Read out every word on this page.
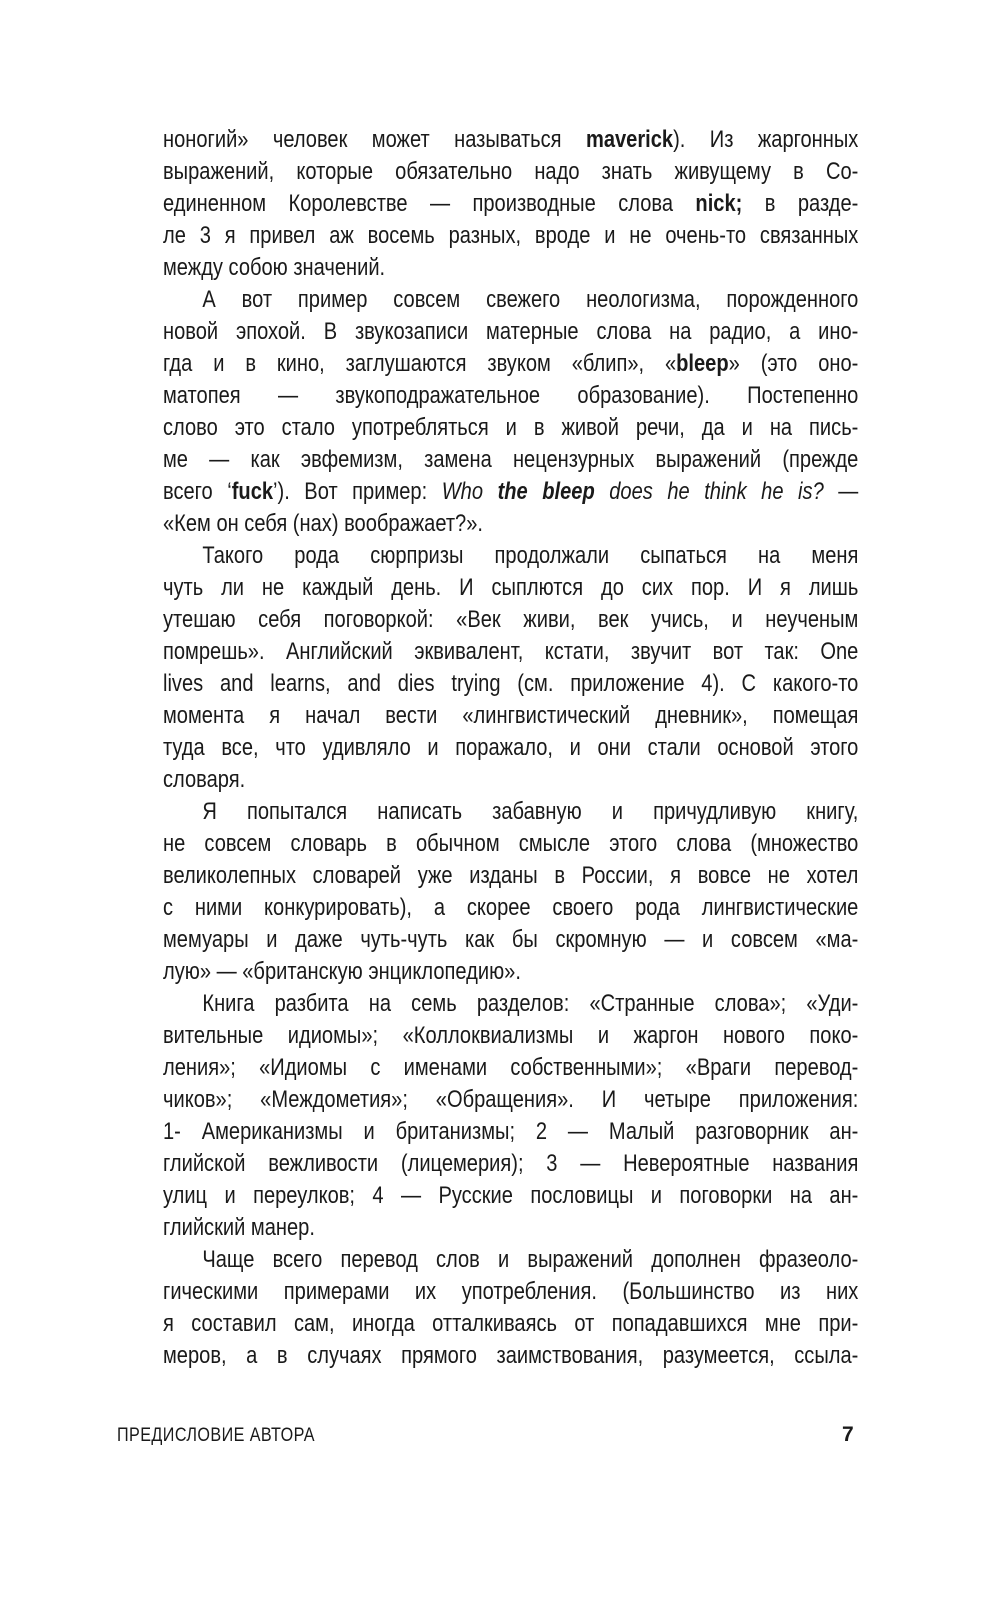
ноногий» человек может называться maverick). Из жаргонных
выражений, которые обязательно надо знать живущему в Со-
единенном Королевстве — производные слова nick; в разде-
ле 3 я привел аж восемь разных, вроде и не очень-то связанных
между собою значений.
А вот пример совсем свежего неологизма, порожденного
новой эпохой. В звукозаписи матерные слова на радио, а ино-
гда и в кино, заглушаются звуком «блип», «bleep» (это оно-
матопея — звукоподражательное образование). Постепенно
слово это стало употребляться и в живой речи, да и на пись-
ме — как эвфемизм, замена нецензурных выражений (прежде
всего ‘fuck’). Вот пример: Who the bleep does he think he is? —
«Кем он себя (нах) воображает?».
Такого рода сюрпризы продолжали сыпаться на меня
чуть ли не каждый день. И сыплются до сих пор. И я лишь
утешаю себя поговоркой: «Век живи, век учись, и неученым
помрешь». Английский эквивалент, кстати, звучит вот так: One
lives and learns, and dies trying (см. приложение 4). С какого-то
момента я начал вести «лингвистический дневник», помещая
туда все, что удивляло и поражало, и они стали основой этого
словаря.
Я попытался написать забавную и причудливую книгу,
не совсем словарь в обычном смысле этого слова (множество
великолепных словарей уже изданы в России, я вовсе не хотел
с ними конкурировать), а скорее своего рода лингвистические
мемуары и даже чуть-чуть как бы скромную — и совсем «ма-
лую» — «британскую энциклопедию».
Книга разбита на семь разделов: «Странные слова»; «Уди-
вительные идиомы»; «Коллоквиализмы и жаргон нового поко-
ления»; «Идиомы с именами собственными»; «Враги перевод-
чиков»; «Междометия»; «Обращения». И четыре приложения:
1- Американизмы и британизмы; 2 — Малый разговорник ан-
глийской вежливости (лицемерия); 3 — Невероятные названия
улиц и переулков; 4 — Русские пословицы и поговорки на ан-
глийский манер.
Чаще всего перевод слов и выражений дополнен фразеоло-
гическими примерами их употребления. (Большинство из них
я составил сам, иногда отталкиваясь от попадавшихся мне при-
меров, а в случаях прямого заимствования, разумеется, ссыла-
ПРЕДИСЛОВИЕ АВТОРА	7
